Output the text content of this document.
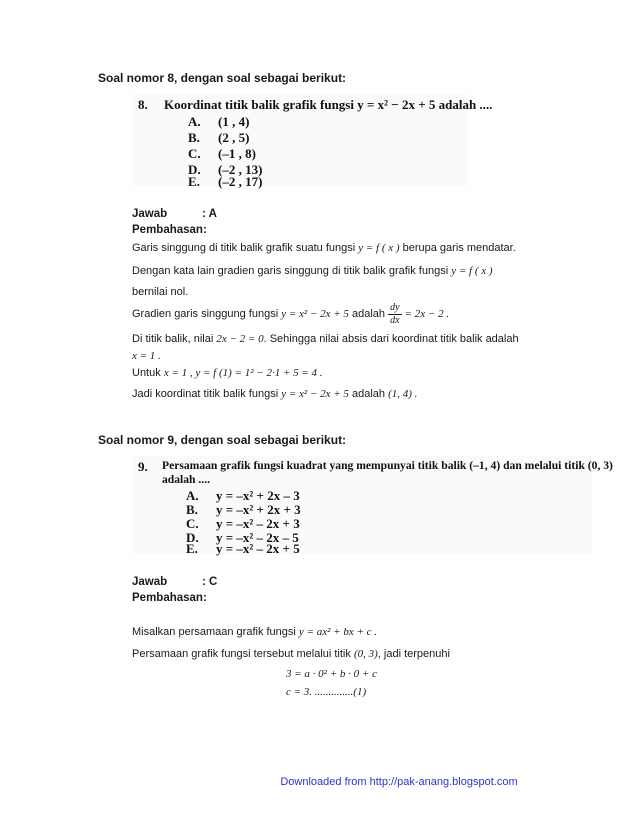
Soal nomor 8, dengan soal sebagai berikut:
8. Koordinat titik balik grafik fungsi y = x² − 2x + 5 adalah ....
A. (1 , 4)
B. (2 , 5)
C. (–1 , 8)
D. (–2 , 13)
E. (–2 , 17)
Jawab	: A
Pembahasan:
Garis singgung di titik balik grafik suatu fungsi y = f ( x ) berupa garis mendatar.
Dengan kata lain gradien garis singgung di titik balik grafik fungsi y = f ( x )
bernilai nol.
Gradien garis singgung fungsi
y = x² − 2x + 5
adalah
$\frac{dy}{dx}$
= 2x − 2 .
Di titik balik, nilai 2x − 2 = 0. Sehingga nilai absis dari koordinat titik balik adalah
x = 1 .
Untuk x = 1 , y = f (1) = 1² − 2·1 + 5 = 4 .
Jadi koordinat titik balik fungsi y = x² − 2x + 5 adalah (1, 4) .
Soal nomor 9, dengan soal sebagai berikut:
9. Persamaan grafik fungsi kuadrat yang mempunyai titik balik (–1, 4) dan melalui titik (0, 3)
adalah ....
A. y = –x² + 2x – 3
B. y = –x² + 2x + 3
C. y = –x² – 2x + 3
D. y = –x² – 2x – 5
E. y = –x² – 2x + 5
Jawab	: C
Pembahasan:
Misalkan persamaan grafik fungsi y = ax² + bx + c .
Persamaan grafik fungsi tersebut melalui titik (0, 3), jadi terpenuhi
3 = a · 0² + b · 0 + c
c = 3. ..............(1)
Downloaded from http://pak-anang.blogspot.com
